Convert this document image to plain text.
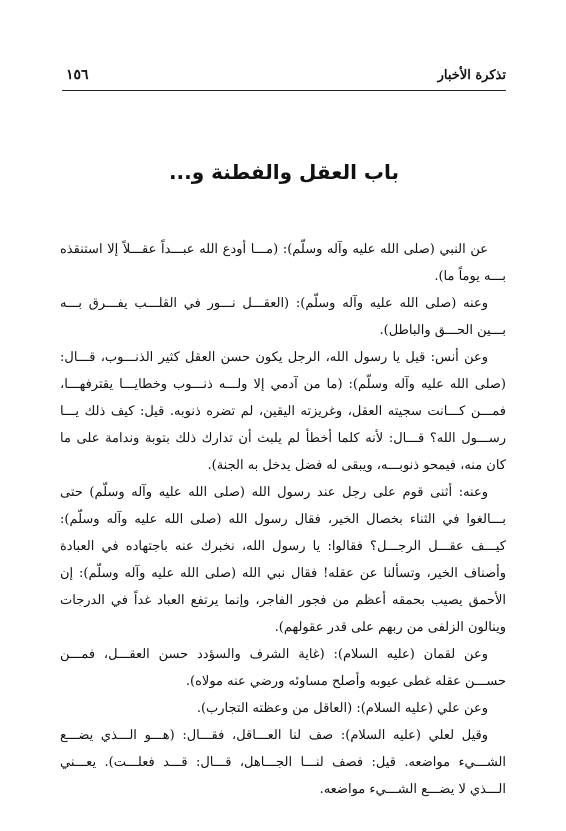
تذكرة الأخبار
١٥٦
باب العقل والفطنة و...

عن النبي (صلى الله عليه وآله وسلّم): (مـــا أودع الله عبـــداً عقـــلاً إلا استنقذه بـــه يوماً ما).

وعنه (صلى الله عليه وآله وسلّم): (العقـــل نـــور في القلـــب يفـــرق بـــه بـــين الحـــق والباطل).

وعن أنس: قيل يا رسول الله، الرجل يكون حسن العقل كثير الذنـــوب، قـــال: (صلى الله عليه وآله وسلّم): (ما من آدمي إلا ولـــه ذنـــوب وخطايـــا يقترفهـــا، فمـــن كـــانت سجيته العقل، وغريزته اليقين، لم تضره ذنوبه. قيل: كيف ذلك يـــا رســـول الله؟ قـــال: لأنه كلما أخطأ لم يلبث أن تدارك ذلك بتوبة وندامة على ما كان منه، فيمحو ذنوبـــه، ويبقى له فضل يدخل به الجنة).

وعنه: أثنى قوم على رجل عند رسول الله (صلى الله عليه وآله وسلّم) حتى بـــالغوا في الثناء بخصال الخير، فقال رسول الله (صلى الله عليه وآله وسلّم): كيـــف عقـــل الرجـــل؟ فقالوا: يا رسول الله، نخبرك عنه باجتهاده في العبادة وأصناف الخير، وتسألنا عن عقله! فقال نبي الله (صلى الله عليه وآله وسلّم): إن الأحمق يصيب بحمقه أعظم من فجور الفاجر، وإنما يرتفع العباد غداً في الدرجات وينالون الزلفى من ربهم على قدر عقولهم).

وعن لقمان (عليه السلام): (غاية الشرف والسؤدد حسن العقـــل، فمـــن حســـن عقله غطى عيوبه وأصلح مساوئه ورضي عنه مولاه).

وعن علي (عليه السلام): (العاقل من وعظته التجارب).

وقيل لعلي (عليه السلام): صف لنا العـــاقل، فقـــال: (هـــو الـــذي يضـــع الشـــيء مواضعه. قيل: فصف لنـــا الجـــاهل، قـــال: قـــد فعلـــت). يعـــني الـــذي لا يضـــع الشـــيء مواضعه.
